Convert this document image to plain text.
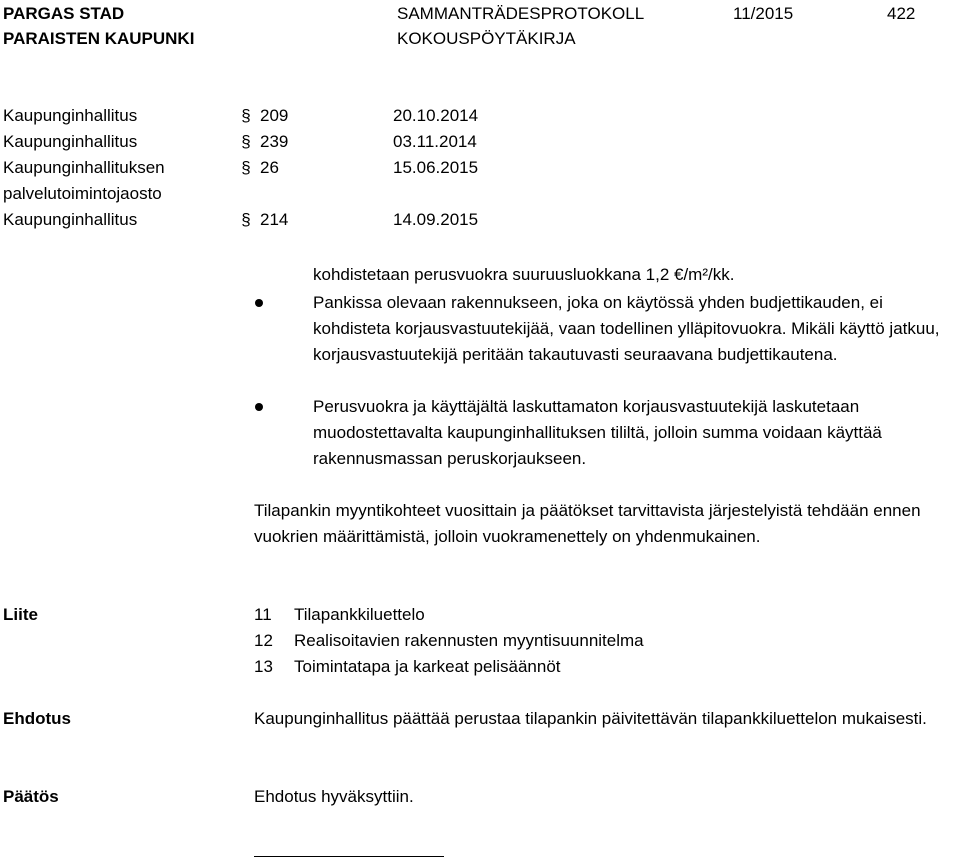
PARGAS STAD
PARAISTEN KAUPUNKI
SAMMANTRÄDESPROTOKOLL
KOKOUSPÖYTÄKIRJA
11/2015	422
Kaupunginhallitus	§ 209	20.10.2014
Kaupunginhallitus	§ 239	03.11.2014
Kaupunginhallituksen	§ 26	15.06.2015
palvelutoimintojaosto
Kaupunginhallitus	§ 214	14.09.2015
kohdistetaan perusvuokra suuruusluokkana 1,2 €/m²/kk.
Pankissa olevaan rakennukseen, joka on käytössä yhden budjettikauden, ei kohdisteta korjausvastuutekijää, vaan todellinen ylläpitovuokra. Mikäli käyttö jatkuu, korjausvastuutekijä peritään takautuvasti seuraavana budjettikautena.
Perusvuokra ja käyttäjältä laskuttamaton korjausvastuutekijä laskutetaan muodostettavalta kaupunginhallituksen tililtä, jolloin summa voidaan käyttää rakennusmassan peruskorjaukseen.
Tilapankin myyntikohteet vuosittain ja päätökset tarvittavista järjestelyistä tehdään ennen vuokrien määrittämistä, jolloin vuokramenettely on yhdenmukainen.
Liite	11 Tilapankkiluettelo
12 Realisoitavien rakennusten myyntisuunnitelma
13 Toimintatapa ja karkeat pelisäännöt
Ehdotus	Kaupunginhallitus päättää perustaa tilapankin päivitettävän tilapankkiluettelon mukaisesti.
Päätös	Ehdotus hyväksyttiin.
